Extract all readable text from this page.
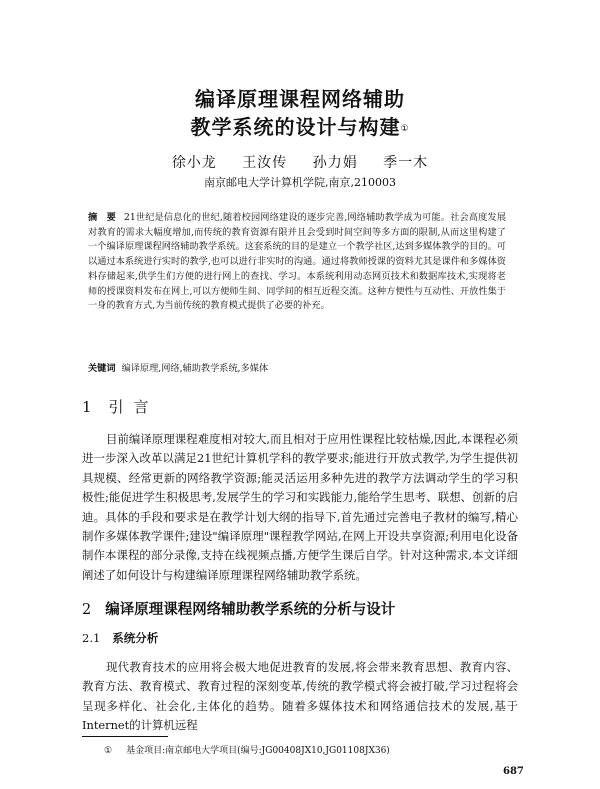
编译原理课程网络辅助
教学系统的设计与构建①
徐小龙 王汝传 孙力娟 季一木
南京邮电大学计算机学院,南京,210003
摘　要 21世纪是信息化的世纪,随着校园网络建设的逐步完善,网络辅助教学成为可能。社会高度发展对教育的需求大幅度增加,而传统的教育资源有限并且会受到时间空间等多方面的限制,从而这里构建了一个编译原理课程网络辅助教学系统。这套系统的目的是建立一个教学社区,达到多媒体教学的目的。可以通过本系统进行实时的教学,也可以进行非实时的沟通。通过将教师授课的资料尤其是课件和多媒体资料存储起来,供学生们方便的进行网上的查找、学习。本系统利用动态网页技术和数据库技术,实现将老师的授课资料发布在网上,可以方便师生间、同学间的相互近程交流。这种方便性与互动性、开放性集于一身的教育方式,为当前传统的教育模式提供了必要的补充。
关键词 编译原理,网络,辅助教学系统,多媒体
1 引言
目前编译原理课程难度相对较大,而且相对于应用性课程比较枯燥,因此,本课程必须进一步深入改革以满足21世纪计算机学科的教学要求;能进行开放式教学,为学生提供初具规模、经常更新的网络教学资源;能灵活运用多种先进的教学方法调动学生的学习积极性;能促进学生积极思考,发展学生的学习和实践能力,能给学生思考、联想、创新的启迪。具体的手段和要求是在教学计划大纲的指导下,首先通过完善电子教材的编写,精心制作多媒体教学课件;建设"编译原理"课程教学网站,在网上开设共享资源;利用电化设备制作本课程的部分录像,支持在线视频点播,方便学生课后自学。针对这种需求,本文详细阐述了如何设计与构建编译原理课程网络辅助教学系统。
2 编译原理课程网络辅助教学系统的分析与设计
2.1 系统分析
现代教育技术的应用将会极大地促进教育的发展,将会带来教育思想、教育内容、教育方法、教育模式、教育过程的深刻变革,传统的教学模式将会被打破,学习过程将会呈现多样化、社会化,主体化的趋势。随着多媒体技术和网络通信技术的发展,基于Internet的计算机远程
① 基金项目:南京邮电大学项目(编号:JG00408JX10,JG01108JX36)
687
